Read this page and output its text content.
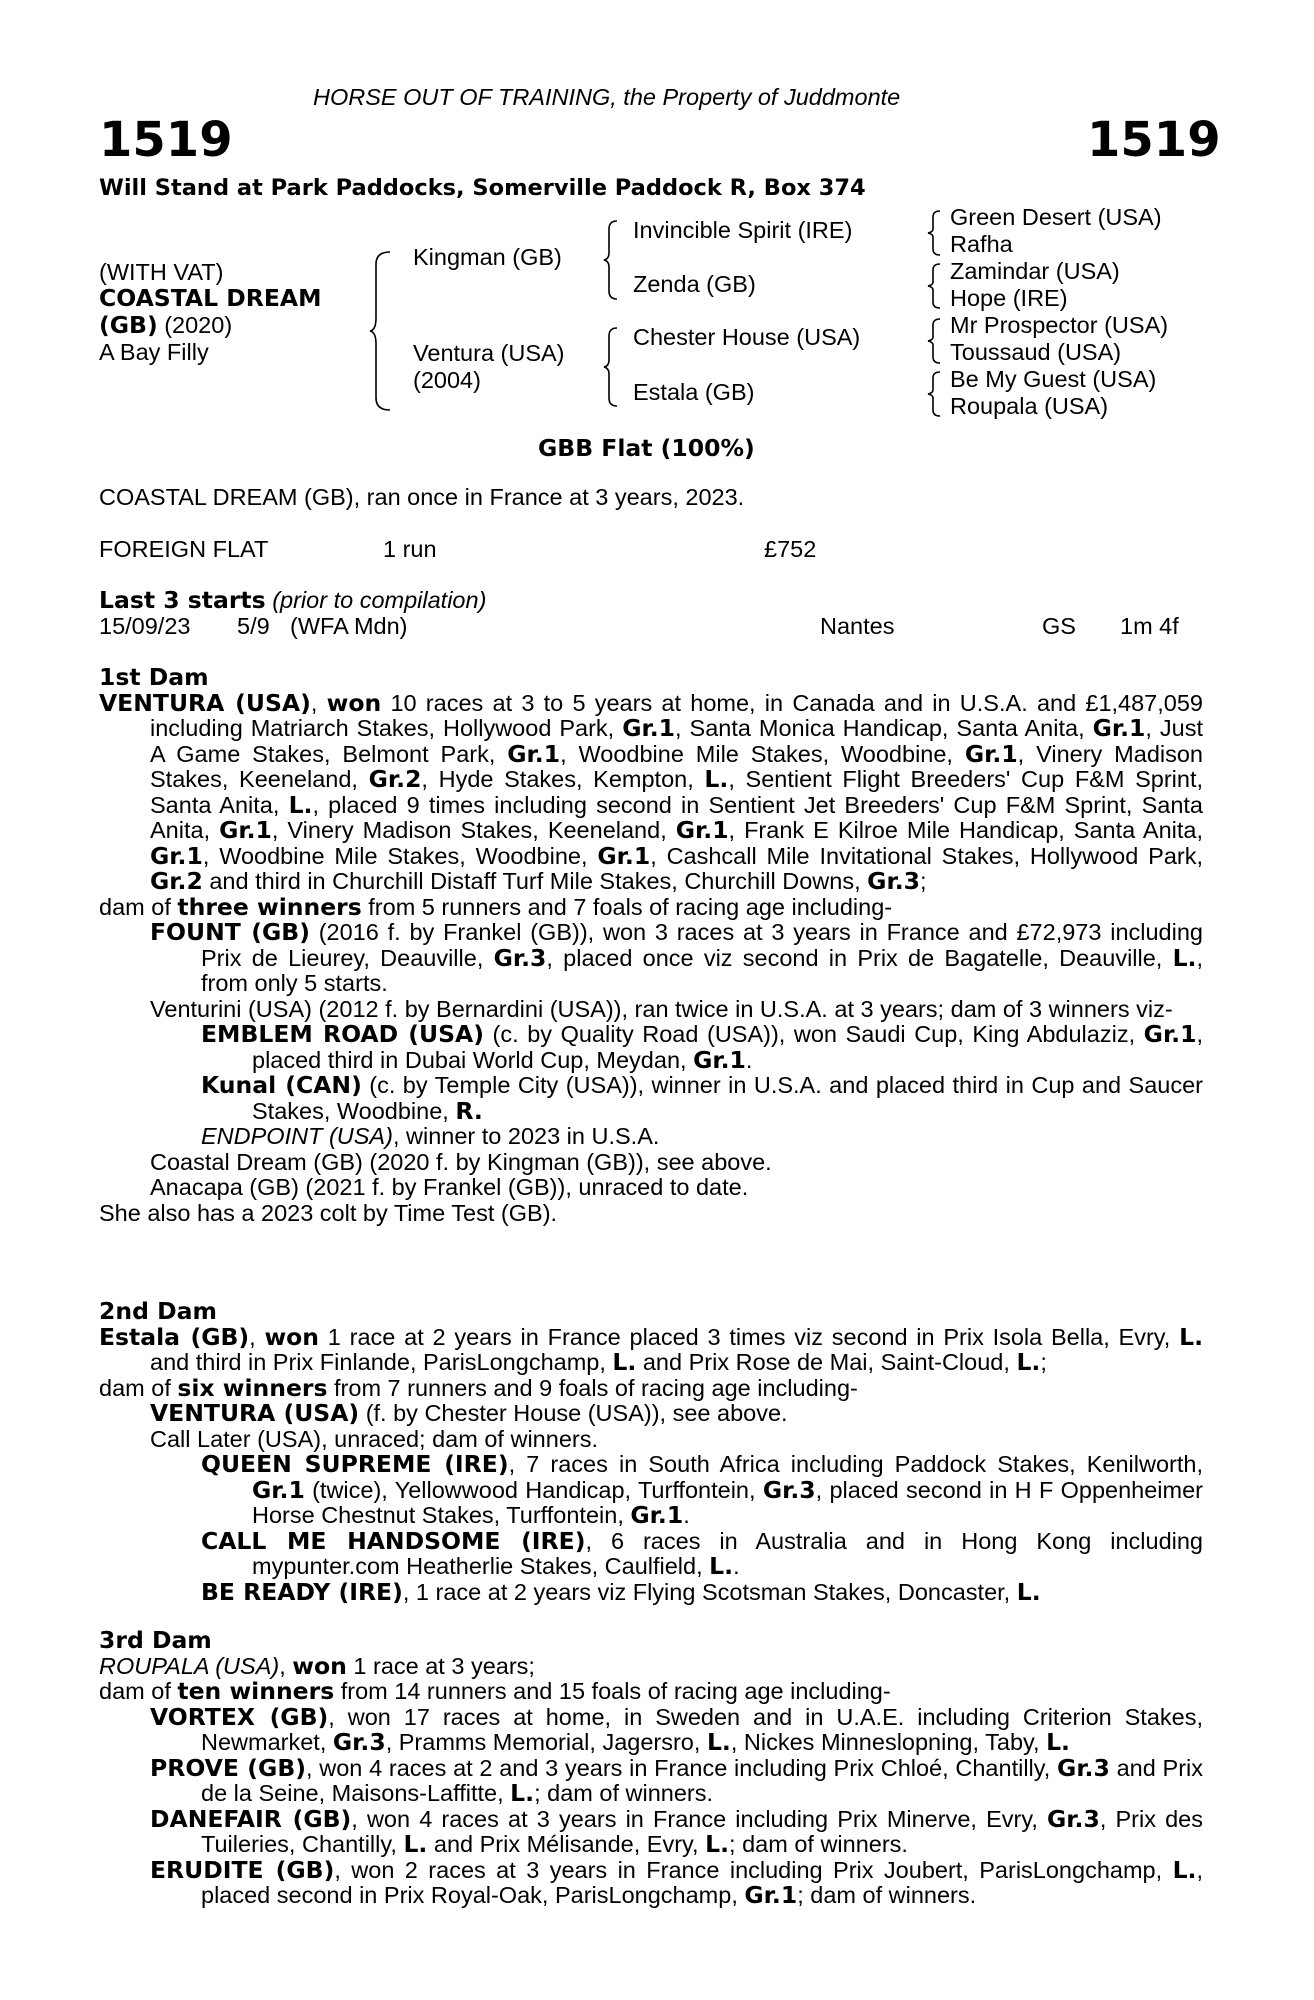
HORSE OUT OF TRAINING, the Property of Juddmonte
1519	1519
Will Stand at Park Paddocks, Somerville Paddock R, Box 374
(WITH VAT)
COASTAL DREAM
(GB) (2020)
A Bay Filly
Kingman (GB)
Ventura (USA)
(2004)
Invincible Spirit (IRE)
Zenda (GB)
Chester House (USA)
Estala (GB)
Green Desert (USA)
Rafha
Zamindar (USA)
Hope (IRE)
Mr Prospector (USA)
Toussaud (USA)
Be My Guest (USA)
Roupala (USA)
GBB Flat (100%)
COASTAL DREAM (GB), ran once in France at 3 years, 2023.
FOREIGN FLAT	1 run	£752
Last 3 starts (prior to compilation)
15/09/23 5/9 (WFA Mdn)	Nantes	GS 1m 4f

1st Dam

VENTURA (USA), won 10 races at 3 to 5 years at home, in Canada and in U.S.A. and £1,487,059 including Matriarch Stakes, Hollywood Park, Gr.1, Santa Monica Handicap, Santa Anita, Gr.1, Just A Game Stakes, Belmont Park, Gr.1, Woodbine Mile Stakes, Woodbine, Gr.1, Vinery Madison Stakes, Keeneland, Gr.2, Hyde Stakes, Kempton, L., Sentient Flight Breeders' Cup F&M Sprint, Santa Anita, L., placed 9 times including second in Sentient Jet Breeders' Cup F&M Sprint, Santa Anita, Gr.1, Vinery Madison Stakes, Keeneland, Gr.1, Frank E Kilroe Mile Handicap, Santa Anita, Gr.1, Woodbine Mile Stakes, Woodbine, Gr.1, Cashcall Mile Invitational Stakes, Hollywood Park, Gr.2 and third in Churchill Distaff Turf Mile Stakes, Churchill Downs, Gr.3;

dam of three winners from 5 runners and 7 foals of racing age including-

FOUNT (GB) (2016 f. by Frankel (GB)), won 3 races at 3 years in France and £72,973 including Prix de Lieurey, Deauville, Gr.3, placed once viz second in Prix de Bagatelle, Deauville, L., from only 5 starts.

Venturini (USA) (2012 f. by Bernardini (USA)), ran twice in U.S.A. at 3 years; dam of 3 winners viz-

EMBLEM ROAD (USA) (c. by Quality Road (USA)), won Saudi Cup, King Abdulaziz, Gr.1, placed third in Dubai World Cup, Meydan, Gr.1.

Kunal (CAN) (c. by Temple City (USA)), winner in U.S.A. and placed third in Cup and Saucer Stakes, Woodbine, R.

ENDPOINT (USA), winner to 2023 in U.S.A.

Coastal Dream (GB) (2020 f. by Kingman (GB)), see above.

Anacapa (GB) (2021 f. by Frankel (GB)), unraced to date.

She also has a 2023 colt by Time Test (GB).

2nd Dam

Estala (GB), won 1 race at 2 years in France placed 3 times viz second in Prix Isola Bella, Evry, L. and third in Prix Finlande, ParisLongchamp, L. and Prix Rose de Mai, Saint-Cloud, L.;

dam of six winners from 7 runners and 9 foals of racing age including-

VENTURA (USA) (f. by Chester House (USA)), see above.

Call Later (USA), unraced; dam of winners.

QUEEN SUPREME (IRE), 7 races in South Africa including Paddock Stakes, Kenilworth, Gr.1 (twice), Yellowwood Handicap, Turffontein, Gr.3, placed second in H F Oppenheimer Horse Chestnut Stakes, Turffontein, Gr.1.

CALL ME HANDSOME (IRE), 6 races in Australia and in Hong Kong including mypunter.com Heatherlie Stakes, Caulfield, L..

BE READY (IRE), 1 race at 2 years viz Flying Scotsman Stakes, Doncaster, L.

3rd Dam

ROUPALA (USA), won 1 race at 3 years;

dam of ten winners from 14 runners and 15 foals of racing age including-

VORTEX (GB), won 17 races at home, in Sweden and in U.A.E. including Criterion Stakes, Newmarket, Gr.3, Pramms Memorial, Jagersro, L., Nickes Minneslopning, Taby, L.

PROVE (GB), won 4 races at 2 and 3 years in France including Prix Chloé, Chantilly, Gr.3 and Prix de la Seine, Maisons-Laffitte, L.; dam of winners.

DANEFAIR (GB), won 4 races at 3 years in France including Prix Minerve, Evry, Gr.3, Prix des Tuileries, Chantilly, L. and Prix Mélisande, Evry, L.; dam of winners.

ERUDITE (GB), won 2 races at 3 years in France including Prix Joubert, ParisLongchamp, L., placed second in Prix Royal-Oak, ParisLongchamp, Gr.1; dam of winners.
